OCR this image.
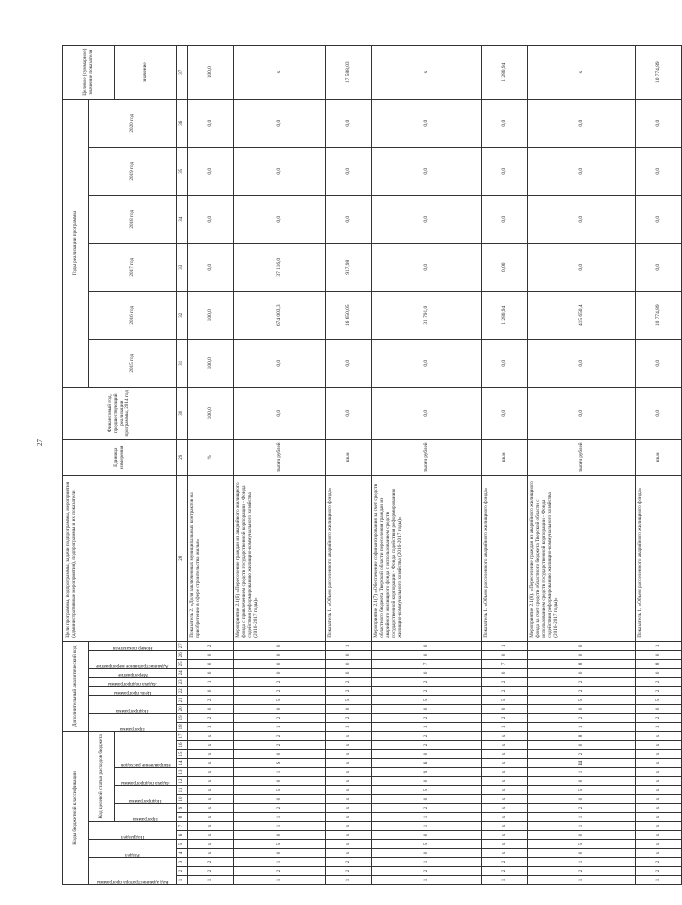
27
Коды бюджетной классификации																	Дополнительный аналитический код										Цели программы, подпрограммы, задачи подпрограммы, мероприятия (административные мероприятия), подпрограммы и их показатели	Единица измерения	Финансовый год, предшествующий реализации программы, 2014 год	Годы реализации программы						Целевое (суммарное) значение показателя

Код администратора программы			Раздел		Подраздел		Код целевой статьи расходов бюджета										Программа		Подпрограмма		Цель программы	Задача подпрограммы	Мероприятие	Административное мероприятие		Номер показателя				2015 год	2016 год	2017 год	2018 год	2019 год	2020 год	

							Программа		Подпрограмма		Задача подпрограммы		Направление расходов																							значение
1	2	3	4	5	6	7	8	9	10	11	12	13	14	15	16	17	18	19	20	21	22	23	24	25	26	27	28	29	30	31	32	33	34	35	36	37
1	2	2	х	х	х	х	х	х	х	х	х	х	х	х	х	х	1	2	0	2	0	1	0	0	0	2	Показатель 2. «Доля заключенных муниципальных контрактов на приобретение в сфере строительства жилья»	%	100,0	100,0	100,0	0,0	0,0	0,0	0,0	100,0
1	2	1	0	5	0	1	1	2	0	5	0	1	S	0	2	2	1	2	0	5	2	2	0	0	0	0	Мероприятие 2.1(б) «Переселение граждан из аварийного жилищного фонда с привлечением средств государственной корпорации - Фонда содействия реформированию жилищно-коммунального хозяйства (2016-2017 годы)»	тысяч рублей	0,0	0,0	674 003,3	37 116,0	0,0	0,0	0,0	х
1	2	2	х	х	х	х	х	х	х	х	х	х	х	х	х	х	1	2	0	5	2	2	0	0	0	1	Показатель 1. «Объем расселенного аварийного жилищного фонда»	кв.м	0,0	0,0	16 650,05	917,98	0,0	0,0	0,0	17 588,03
1	2	1	0	5	0	1	1	2	0	5	0	9	6	0	2	2	1	2	0	5	2	2	0	7	0	0	Мероприятие 2.1(7) «Обеспечение софинансирования за счет средств областного бюджета Тверской области переселения граждан из аварийного жилищного фонда с использованием средств государственной корпорации - Фонда содействия реформированию жилищно-коммунального хозяйства (2016-2017 годы)»	тысяч рублей	0,0	0,0	31 791,0	0,0	0,0	0,0	0,0	х
1	2	2	х	х	х	х	х	х	х	х	х	х	х	х	х	х	1	2	0	5	2	2	0	7	0	1	Показатель 1. «Объем расселенного аварийного жилищного фонда»	кв.м	0,0	0,0	1 280,94	0,00	0,0	0,0	0,0	1 280,94
1	2	1	0	5	0	1	1	2	0	5	0	1	Ш	2	0	8	1	2	0	5	2	2	0	8	0	0	Мероприятие 2.1(8). «Переселение граждан из аварийного жилищного фонда за счет средств областного бюджета Тверской области с использованием средств государственной корпорации - Фонда содействия реформированию жилищно-коммунального хозяйства (2016-2017 годы)»	тысяч рублей	0,0	0,0	415 650,4	0,0	0,0	0,0	0,0	х
1	2	2	х	х	х	х	х	х	х	х	х	х	х	х	х	х	1	2	0	5	2	2	0	8	0	1	Показатель 1. «Объем расселенного аварийного жилищного фонда»	кв.м	0,0	0,0	10 774,89	0,0	0,0	0,0	0,0	10 774,89
